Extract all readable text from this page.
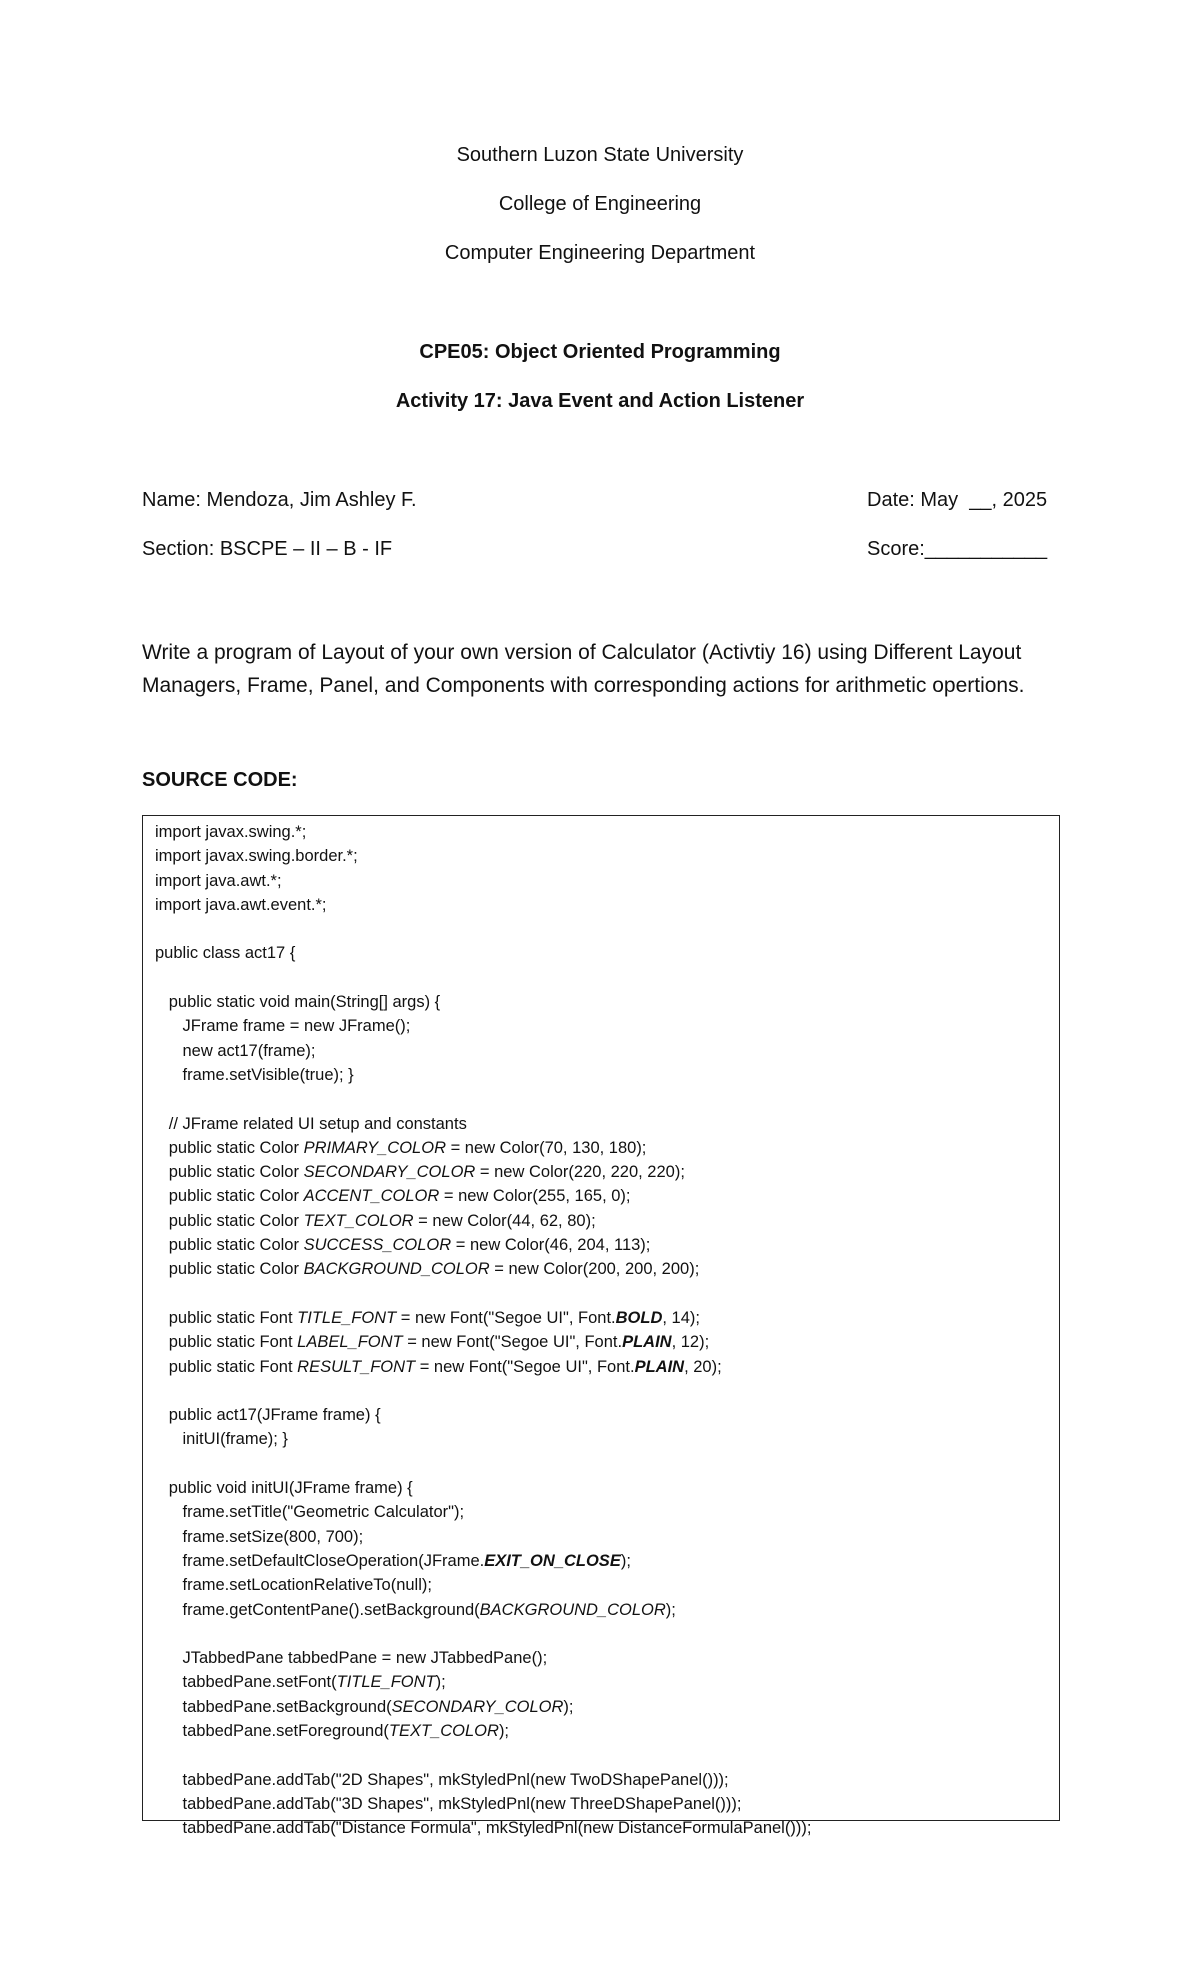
Southern Luzon State University
College of Engineering
Computer Engineering Department
CPE05: Object Oriented Programming
Activity 17: Java Event and Action Listener
Name: Mendoza, Jim Ashley F.	Date: May  __, 2025
Section: BSCPE – II – B - IF	Score:___________

Write a program of Layout of your own version of Calculator (Activtiy 16) using Different Layout

Managers, Frame, Panel, and Components with corresponding actions for arithmetic opertions.

SOURCE CODE:
import javax.swing.*;
import javax.swing.border.*;
import java.awt.*;
import java.awt.event.*;
public class act17 {
public static void main(String[] args) {
JFrame frame = new JFrame();
new act17(frame);
frame.setVisible(true); }
// JFrame related UI setup and constants
public static Color PRIMARY_COLOR = new Color(70, 130, 180);
public static Color SECONDARY_COLOR = new Color(220, 220, 220);
public static Color ACCENT_COLOR = new Color(255, 165, 0);
public static Color TEXT_COLOR = new Color(44, 62, 80);
public static Color SUCCESS_COLOR = new Color(46, 204, 113);
public static Color BACKGROUND_COLOR = new Color(200, 200, 200);
public static Font TITLE_FONT = new Font("Segoe UI", Font.BOLD, 14);
public static Font LABEL_FONT = new Font("Segoe UI", Font.PLAIN, 12);
public static Font RESULT_FONT = new Font("Segoe UI", Font.PLAIN, 20);
public act17(JFrame frame) {
initUI(frame); }
public void initUI(JFrame frame) {
frame.setTitle("Geometric Calculator");
frame.setSize(800, 700);
frame.setDefaultCloseOperation(JFrame.EXIT_ON_CLOSE);
frame.setLocationRelativeTo(null);
frame.getContentPane().setBackground(BACKGROUND_COLOR);
JTabbedPane tabbedPane = new JTabbedPane();
tabbedPane.setFont(TITLE_FONT);
tabbedPane.setBackground(SECONDARY_COLOR);
tabbedPane.setForeground(TEXT_COLOR);
tabbedPane.addTab("2D Shapes", mkStyledPnl(new TwoDShapePanel()));
tabbedPane.addTab("3D Shapes", mkStyledPnl(new ThreeDShapePanel()));
tabbedPane.addTab("Distance Formula", mkStyledPnl(new DistanceFormulaPanel()));
